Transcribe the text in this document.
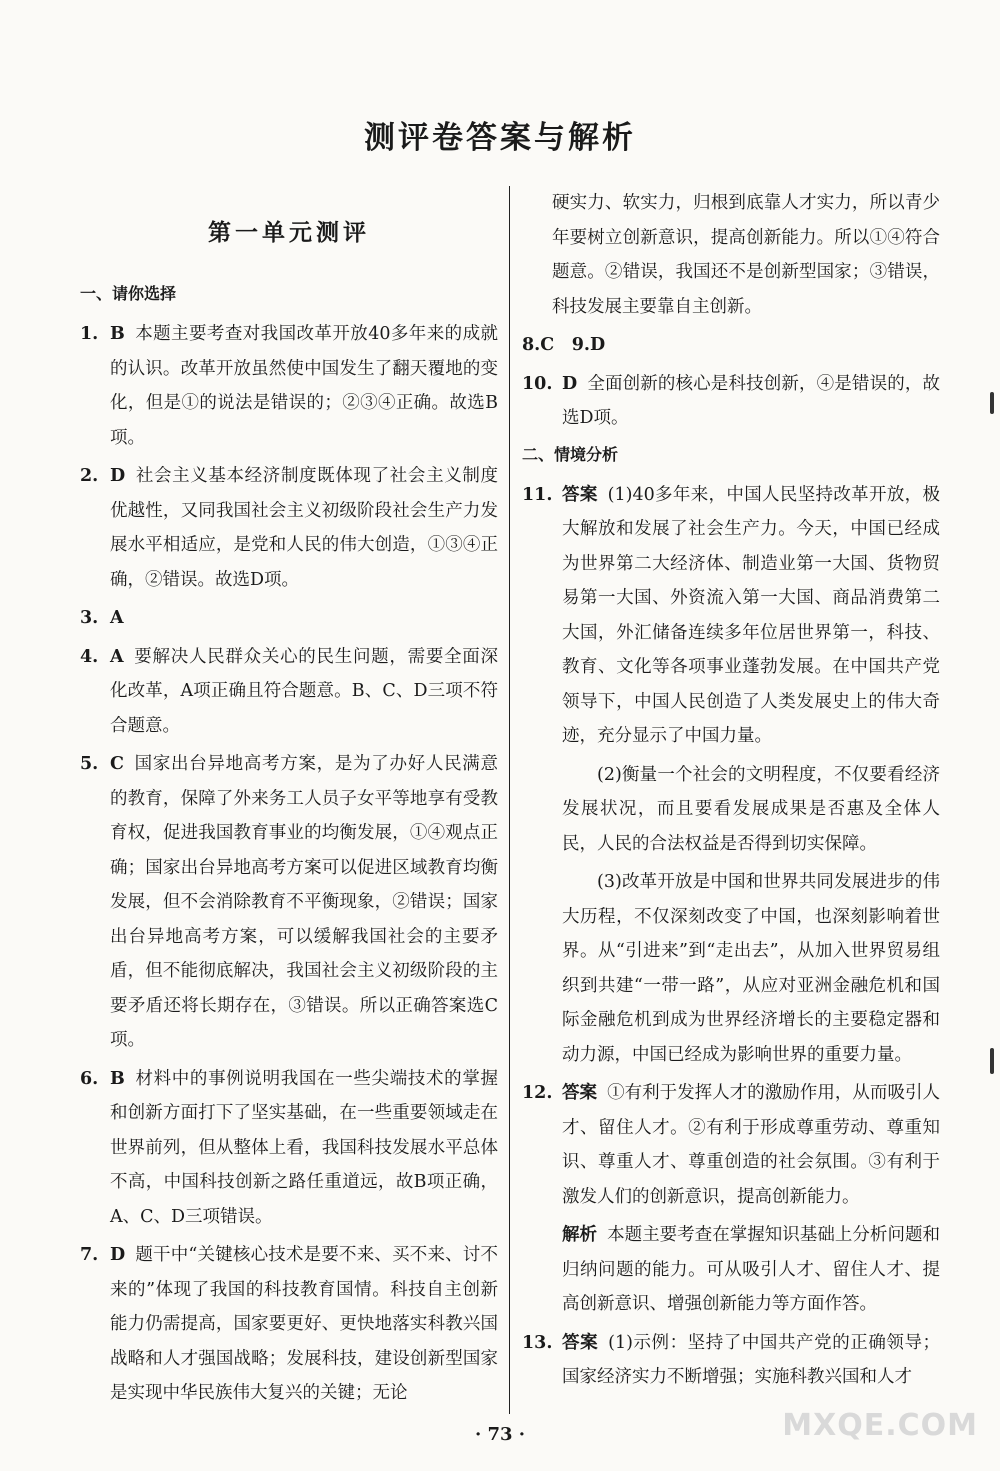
测评卷答案与解析
第一单元测评
一、请你选择
1. B 本题主要考查对我国改革开放40多年来的成就的认识。改革开放虽然使中国发生了翻天覆地的变化，但是①的说法是错误的；②③④正确。故选B项。
2. D 社会主义基本经济制度既体现了社会主义制度优越性，又同我国社会主义初级阶段社会生产力发展水平相适应，是党和人民的伟大创造，①③④正确，②错误。故选D项。
3. A
4. A 要解决人民群众关心的民生问题，需要全面深化改革，A项正确且符合题意。B、C、D三项不符合题意。
5. C 国家出台异地高考方案，是为了办好人民满意的教育，保障了外来务工人员子女平等地享有受教育权，促进我国教育事业的均衡发展，①④观点正确；国家出台异地高考方案可以促进区域教育均衡发展，但不会消除教育不平衡现象，②错误；国家出台异地高考方案，可以缓解我国社会的主要矛盾，但不能彻底解决，我国社会主义初级阶段的主要矛盾还将长期存在，③错误。所以正确答案选C项。
6. B 材料中的事例说明我国在一些尖端技术的掌握和创新方面打下了坚实基础，在一些重要领域走在世界前列，但从整体上看，我国科技发展水平总体不高，中国科技创新之路任重道远，故B项正确，A、C、D三项错误。
7. D 题干中“关键核心技术是要不来、买不来、讨不来的”体现了我国的科技教育国情。科技自主创新能力仍需提高，国家要更好、更快地落实科教兴国战略和人才强国战略；发展科技，建设创新型国家是实现中华民族伟大复兴的关键；无论
硬实力、软实力，归根到底靠人才实力，所以青少年要树立创新意识，提高创新能力。所以①④符合题意。②错误，我国还不是创新型国家；③错误，科技发展主要靠自主创新。
8.C　9.D
10. D 全面创新的核心是科技创新，④是错误的，故选D项。
二、情境分析
11. 答案 (1)40多年来，中国人民坚持改革开放，极大解放和发展了社会生产力。今天，中国已经成为世界第二大经济体、制造业第一大国、货物贸易第一大国、外资流入第一大国、商品消费第二大国，外汇储备连续多年位居世界第一，科技、教育、文化等各项事业蓬勃发展。在中国共产党领导下，中国人民创造了人类发展史上的伟大奇迹，充分显示了中国力量。
(2)衡量一个社会的文明程度，不仅要看经济发展状况，而且要看发展成果是否惠及全体人民，人民的合法权益是否得到切实保障。
(3)改革开放是中国和世界共同发展进步的伟大历程，不仅深刻改变了中国，也深刻影响着世界。从“引进来”到“走出去”，从加入世界贸易组织到共建“一带一路”，从应对亚洲金融危机和国际金融危机到成为世界经济增长的主要稳定器和动力源，中国已经成为影响世界的重要力量。
12. 答案 ①有利于发挥人才的激励作用，从而吸引人才、留住人才。②有利于形成尊重劳动、尊重知识、尊重人才、尊重创造的社会氛围。③有利于激发人们的创新意识，提高创新能力。
解析 本题主要考查在掌握知识基础上分析问题和归纳问题的能力。可从吸引人才、留住人才、提高创新意识、增强创新能力等方面作答。
13. 答案 (1)示例：坚持了中国共产党的正确领导；国家经济实力不断增强；实施科教兴国和人才
· 73 ·	MXQE.COM
